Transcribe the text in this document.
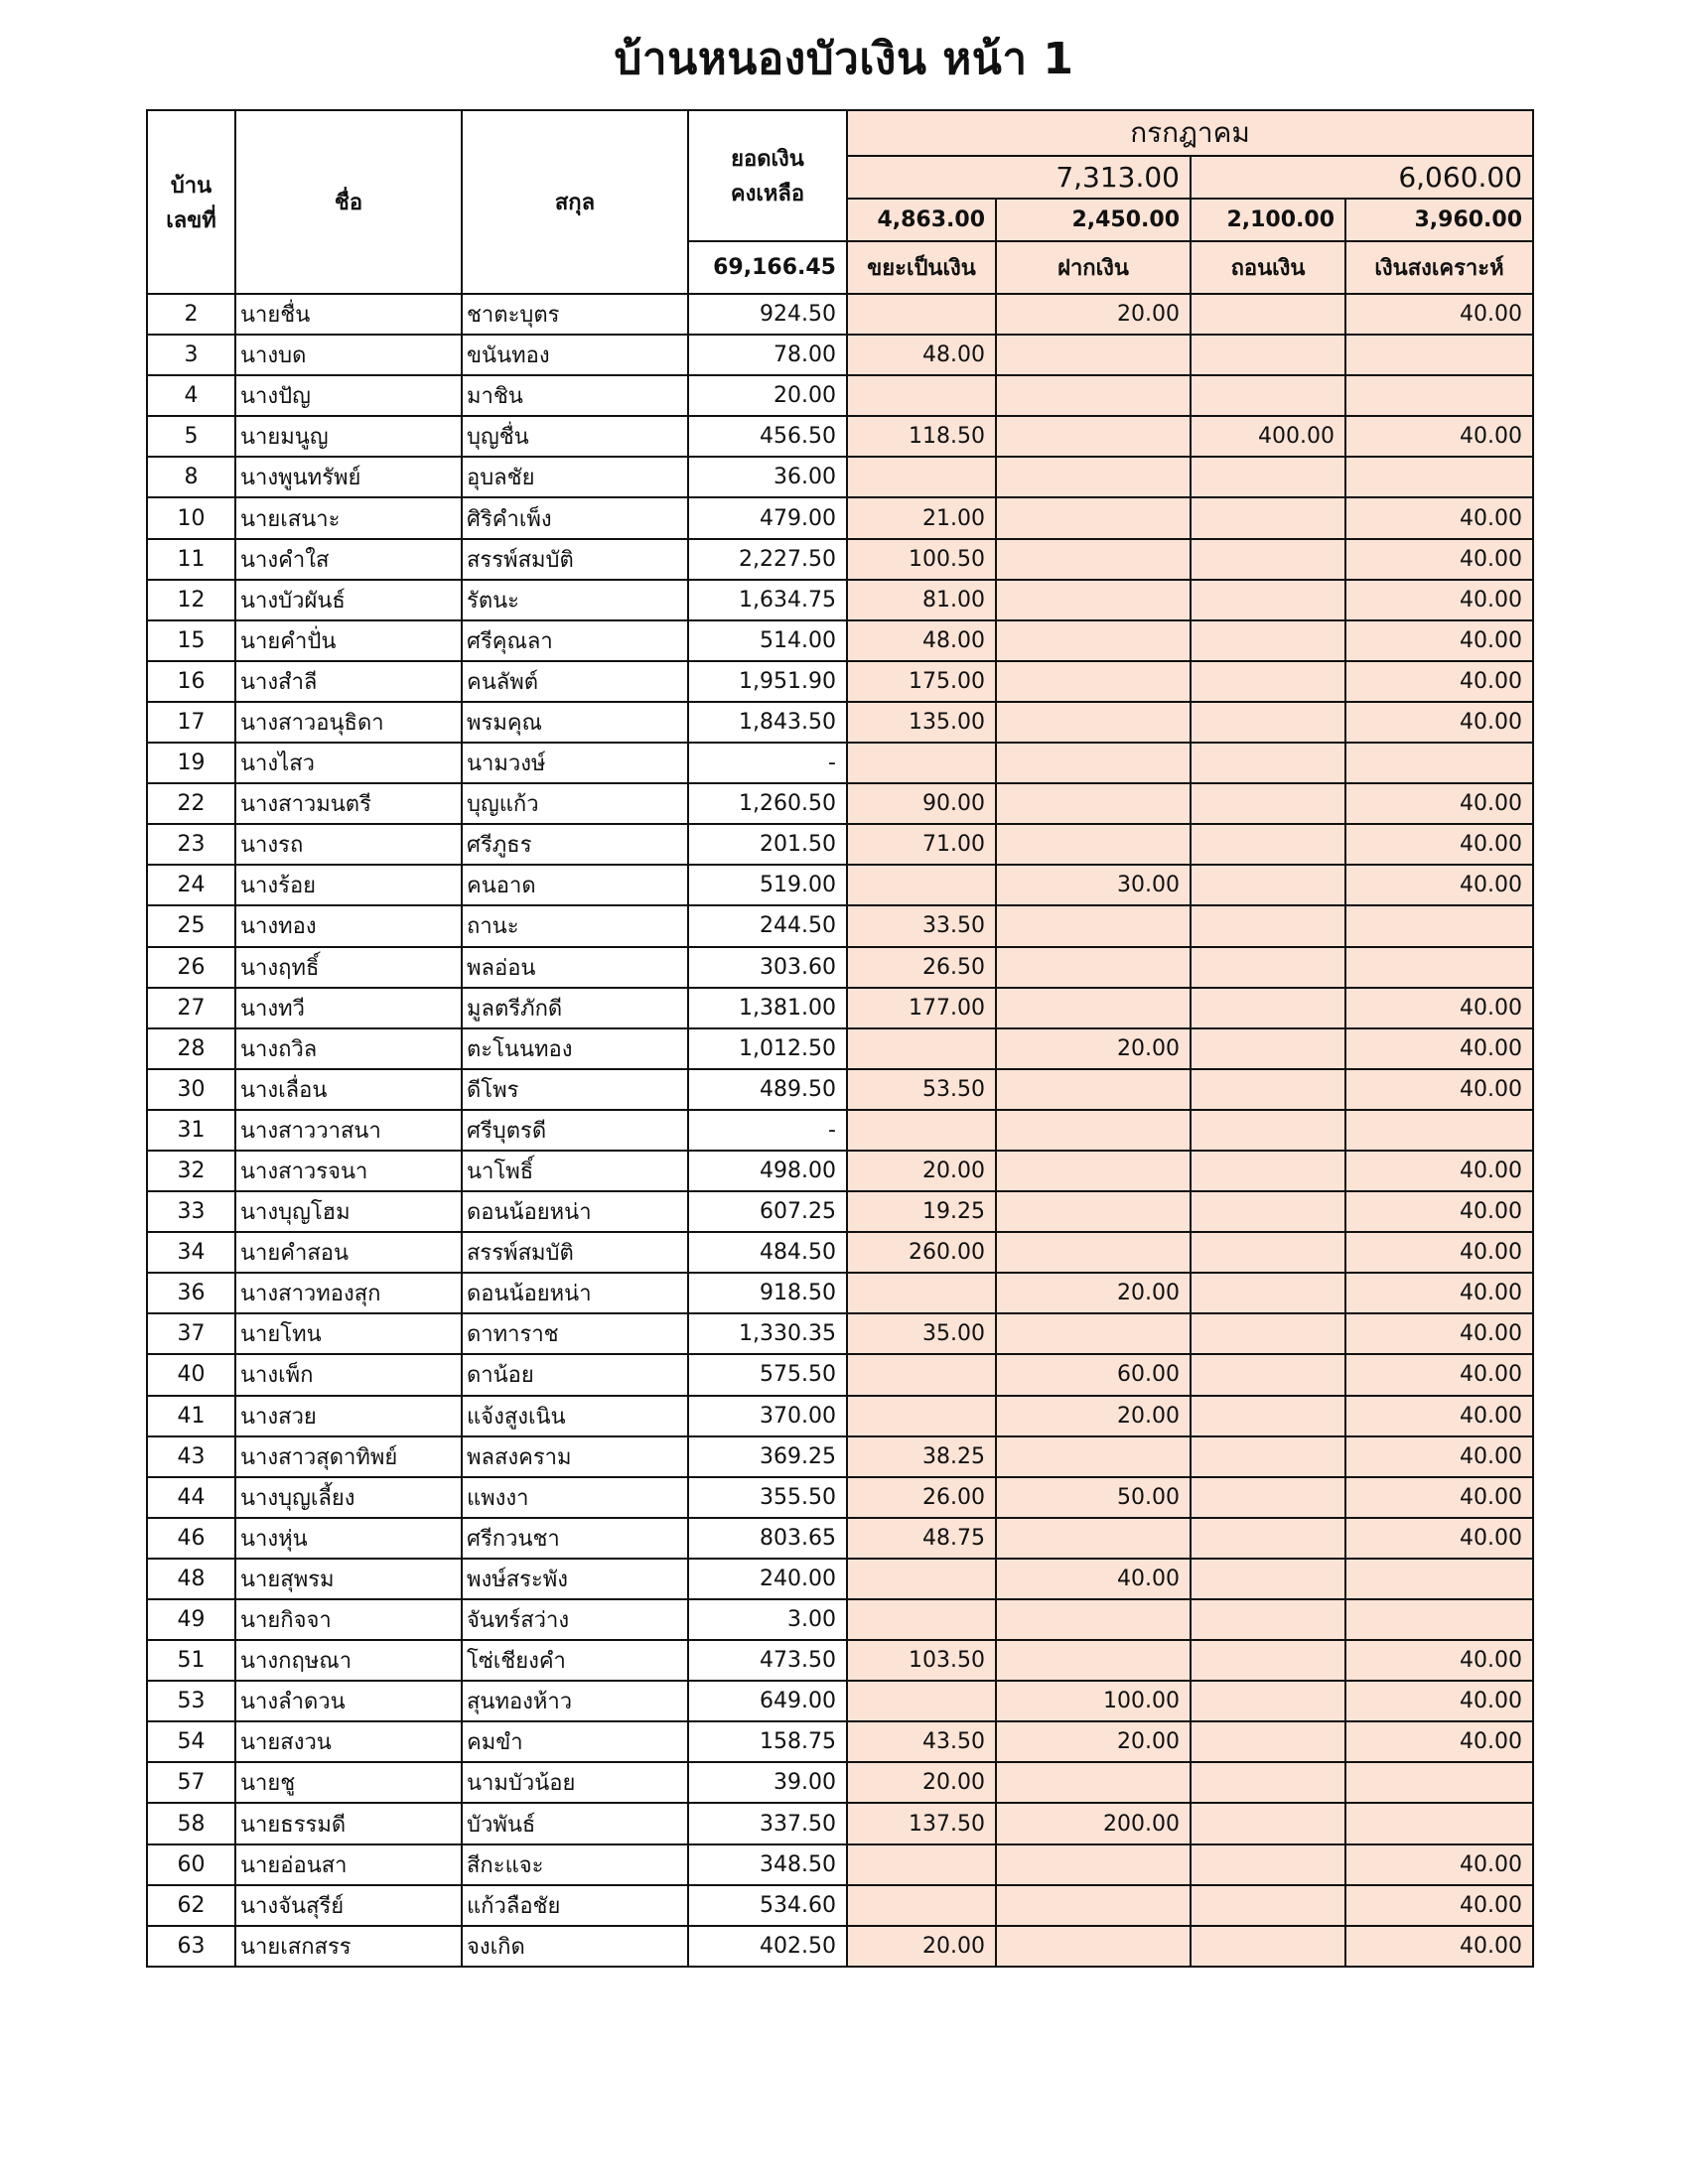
บ้านหนองบัวเงิน หน้า 1
บ้าน
เลขที่	ชื่อ	สกุล	ยอดเงิน
คงเหลือ	กรกฎาคม			
				7,313.00		6,060.00	
				4,863.00	2,450.00	2,100.00	3,960.00
			69,166.45	ขยะเป็นเงิน	ฝากเงิน	ถอนเงิน	เงินสงเคราะห์
2	นายชื่น	ชาตะบุตร	924.50		20.00		40.00
3	นางบด	ขนันทอง	78.00	48.00			
4	นางปัญ	มาชิน	20.00				
5	นายมนูญ	บุญชื่น	456.50	118.50		400.00	40.00
8	นางพูนทรัพย์	อุบลชัย	36.00				
10	นายเสนาะ	ศิริคำเพ็ง	479.00	21.00			40.00
11	นางคำใส	สรรพ์สมบัติ	2,227.50	100.50			40.00
12	นางบัวผันธ์	รัตนะ	1,634.75	81.00			40.00
15	นายคำปั่น	ศรีคุณลา	514.00	48.00			40.00
16	นางสำลี	คนลัพต์	1,951.90	175.00			40.00
17	นางสาวอนุธิดา	พรมคุณ	1,843.50	135.00			40.00
19	นางไสว	นามวงษ์	-				
22	นางสาวมนตรี	บุญแก้ว	1,260.50	90.00			40.00
23	นางรถ	ศรีภูธร	201.50	71.00			40.00
24	นางร้อย	คนอาด	519.00		30.00		40.00
25	นางทอง	ถานะ	244.50	33.50			
26	นางฤทธิ์	พลอ่อน	303.60	26.50			
27	นางทวี	มูลตรีภักดี	1,381.00	177.00			40.00
28	นางถวิล	ตะโนนทอง	1,012.50		20.00		40.00
30	นางเลื่อน	ดีโพร	489.50	53.50			40.00
31	นางสาววาสนา	ศรีบุตรดี	-				
32	นางสาวรจนา	นาโพธิ์	498.00	20.00			40.00
33	นางบุญโฮม	ดอนน้อยหน่า	607.25	19.25			40.00
34	นายคำสอน	สรรพ์สมบัติ	484.50	260.00			40.00
36	นางสาวทองสุก	ดอนน้อยหน่า	918.50		20.00		40.00
37	นายโทน	ดาทาราช	1,330.35	35.00			40.00
40	นางเพ็ก	ดาน้อย	575.50		60.00		40.00
41	นางสวย	แจ้งสูงเนิน	370.00		20.00		40.00
43	นางสาวสุดาทิพย์	พลสงคราม	369.25	38.25			40.00
44	นางบุญเลี้ยง	แพงงา	355.50	26.00	50.00		40.00
46	นางหุ่น	ศรีกวนชา	803.65	48.75			40.00
48	นายสุพรม	พงษ์สระพัง	240.00		40.00		
49	นายกิจจา	จันทร์สว่าง	3.00				
51	นางกฤษณา	โซ่เชียงคำ	473.50	103.50			40.00
53	นางลำดวน	สุนทองห้าว	649.00		100.00		40.00
54	นายสงวน	คมขำ	158.75	43.50	20.00		40.00
57	นายชู	นามบัวน้อย	39.00	20.00			
58	นายธรรมดี	บัวพันธ์	337.50	137.50	200.00		
60	นายอ่อนสา	สีกะแจะ	348.50				40.00
62	นางจันสุรีย์	แก้วลือชัย	534.60				40.00
63	นายเสกสรร	จงเกิด	402.50	20.00			40.00
